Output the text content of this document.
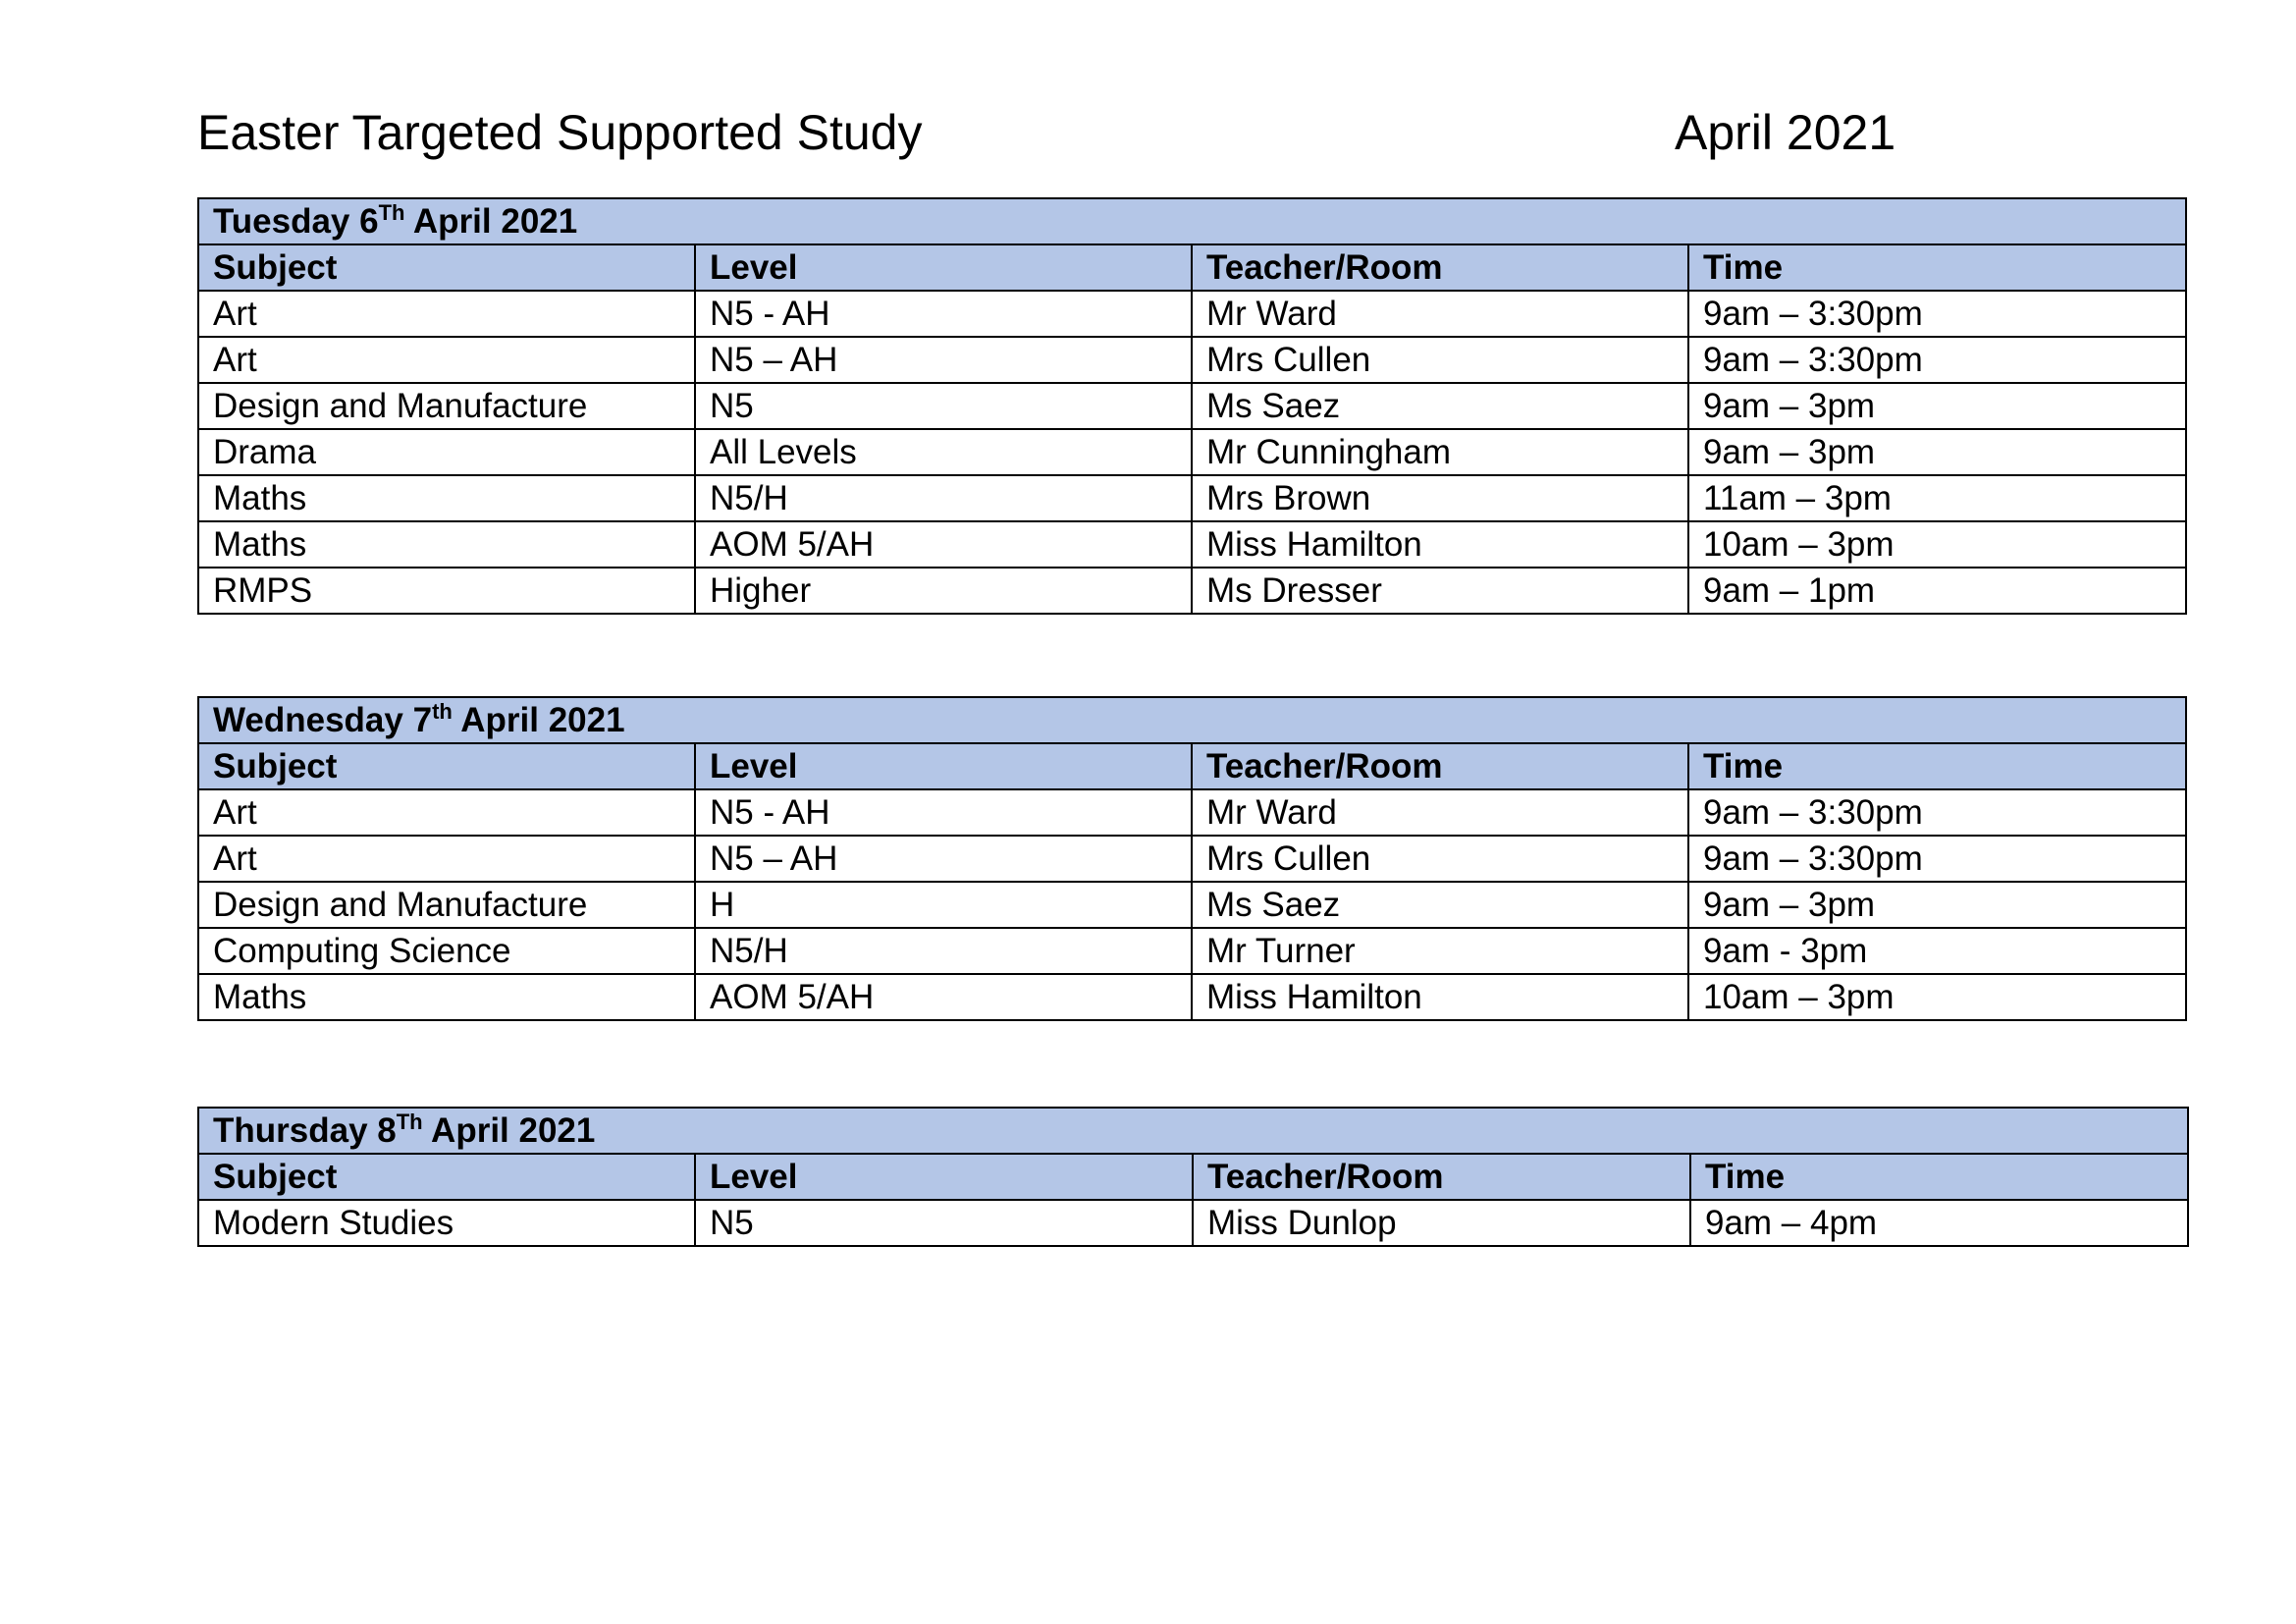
Easter Targeted Supported Study	April 2021
Tuesday 6Th April 2021			
Subject	Level	Teacher/Room	Time
Art	N5 - AH	Mr Ward	9am – 3:30pm
Art	N5 – AH	Mrs Cullen	9am – 3:30pm
Design and Manufacture	N5	Ms Saez	9am – 3pm
Drama	All Levels	Mr Cunningham	9am – 3pm
Maths	N5/H	Mrs Brown	11am – 3pm
Maths	AOM 5/AH	Miss Hamilton	10am – 3pm
RMPS	Higher	Ms Dresser	9am – 1pm
Wednesday 7th April 2021			
Subject	Level	Teacher/Room	Time
Art	N5 - AH	Mr Ward	9am – 3:30pm
Art	N5 – AH	Mrs Cullen	9am – 3:30pm
Design and Manufacture	H	Ms Saez	9am – 3pm
Computing Science	N5/H	Mr Turner	9am - 3pm
Maths	AOM 5/AH	Miss Hamilton	10am – 3pm
Thursday 8Th April 2021			
Subject	Level	Teacher/Room	Time
Modern Studies	N5	Miss Dunlop	9am – 4pm
